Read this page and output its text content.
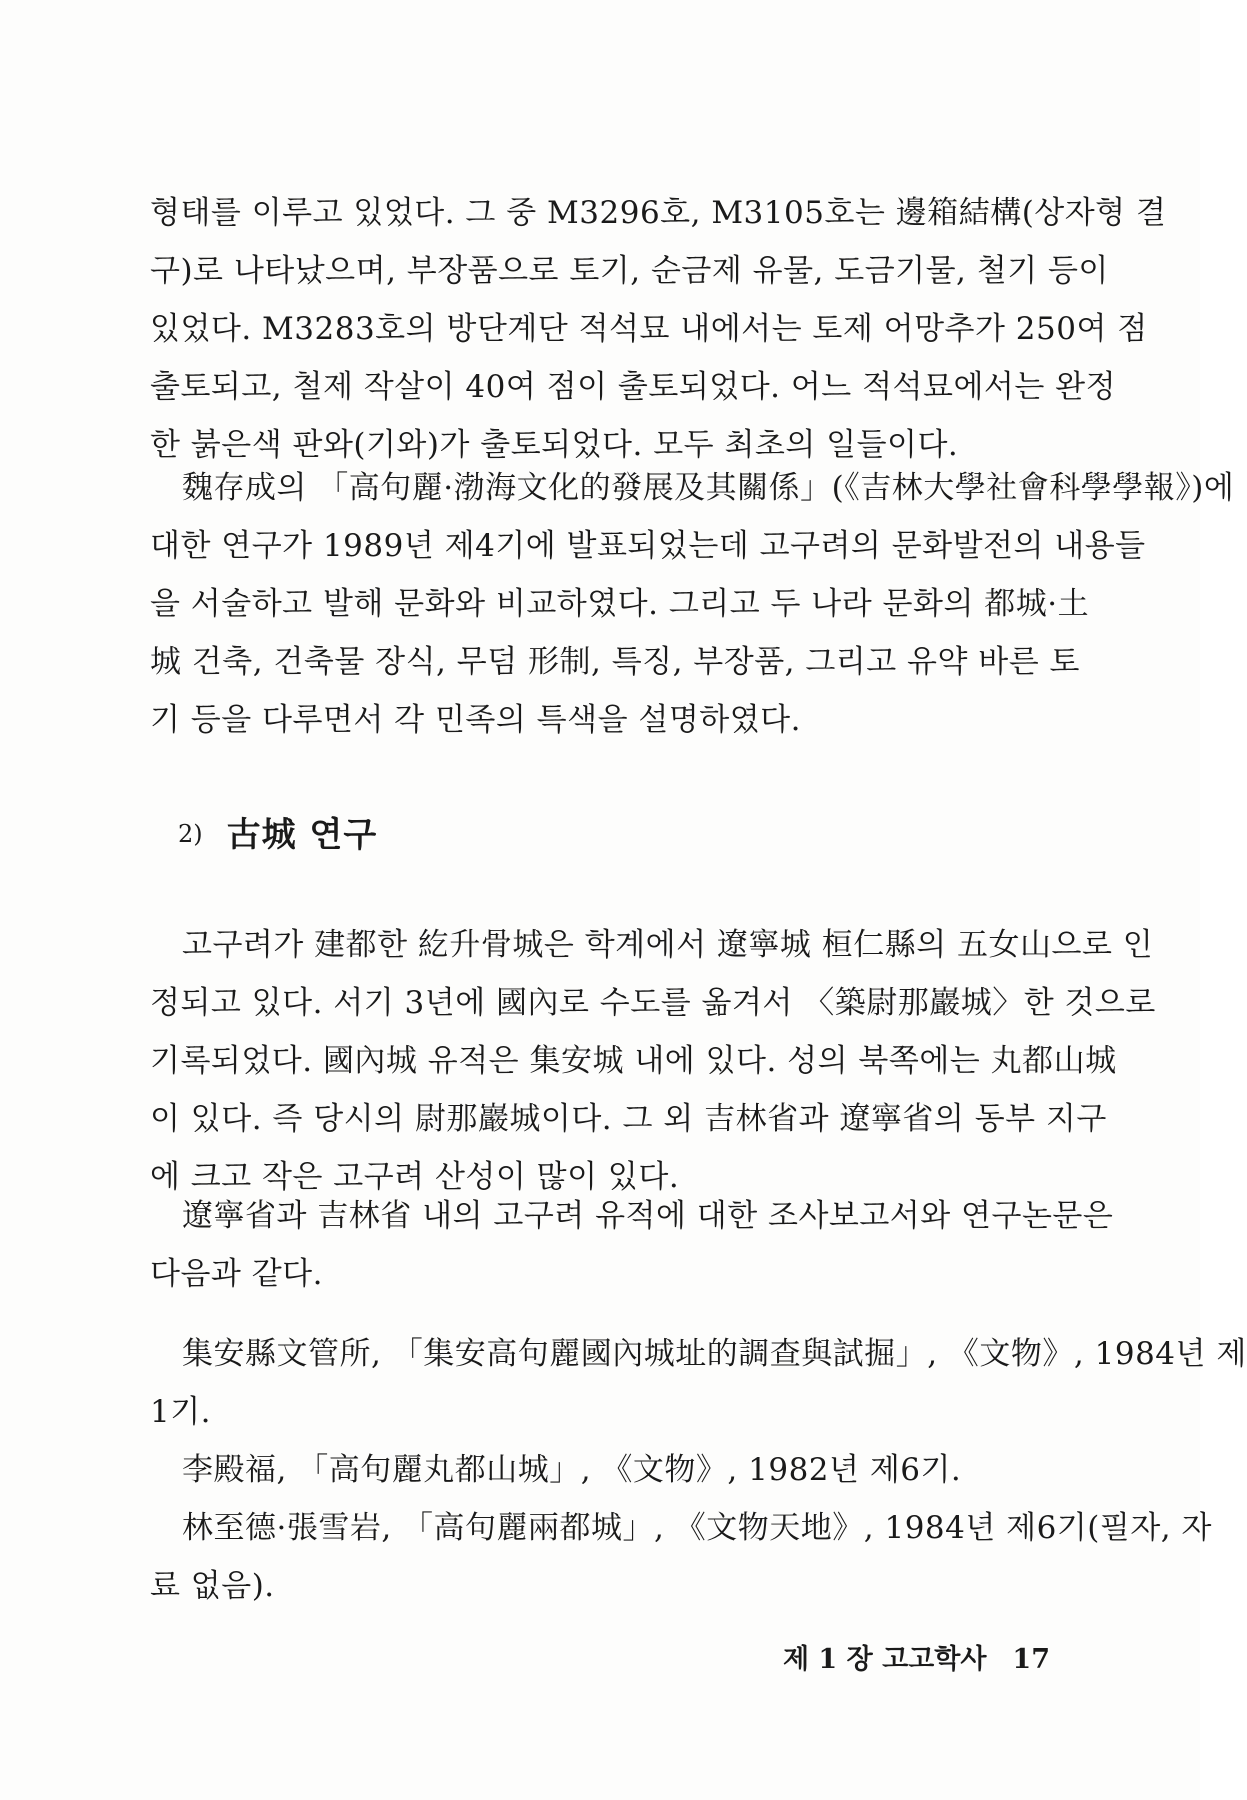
형태를 이루고 있었다. 그 중 M3296호, M3105호는 邊箱結構(상자형 결
구)로 나타났으며, 부장품으로 토기, 순금제 유물, 도금기물, 철기 등이
있었다. M3283호의 방단계단 적석묘 내에서는 토제 어망추가 250여 점
출토되고, 철제 작살이 40여 점이 출토되었다. 어느 적석묘에서는 완정
한 붉은색 판와(기와)가 출토되었다. 모두 최초의 일들이다.
魏存成의 「高句麗·渤海文化的發展及其關係」(《吉林大學社會科學學報》)에
대한 연구가 1989년 제4기에 발표되었는데 고구려의 문화발전의 내용들
을 서술하고 발해 문화와 비교하였다. 그리고 두 나라 문화의 都城·土
城 건축, 건축물 장식, 무덤 形制, 특징, 부장품, 그리고 유약 바른 토
기 등을 다루면서 각 민족의 특색을 설명하였다.
2) 古城 연구
고구려가 建都한 紇升骨城은 학계에서 遼寧城 桓仁縣의 五女山으로 인
정되고 있다. 서기 3년에 國內로 수도를 옮겨서 〈築尉那巖城〉한 것으로
기록되었다. 國內城 유적은 集安城 내에 있다. 성의 북쪽에는 丸都山城
이 있다. 즉 당시의 尉那巖城이다. 그 외 吉林省과 遼寧省의 동부 지구
에 크고 작은 고구려 산성이 많이 있다.
遼寧省과 吉林省 내의 고구려 유적에 대한 조사보고서와 연구논문은
다음과 같다.
集安縣文管所, 「集安高句麗國內城址的調查與試掘」, 《文物》, 1984년 제
1기.
李殿福, 「高句麗丸都山城」, 《文物》, 1982년 제6기.
林至德·張雪岩, 「高句麗兩都城」, 《文物天地》, 1984년 제6기(필자, 자
료 없음).
제 1 장 고고학사 17
